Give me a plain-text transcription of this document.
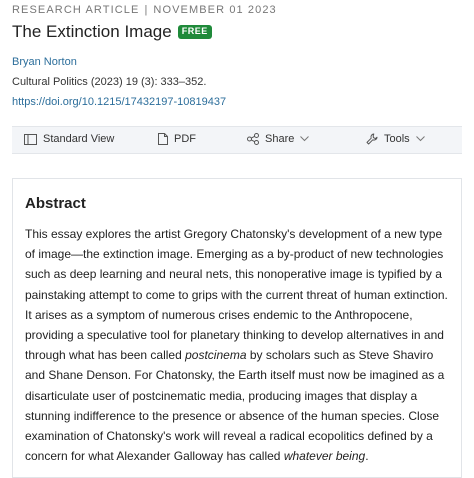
RESEARCH ARTICLE | NOVEMBER 01 2023
The Extinction Image	FREE
Bryan Norton
Cultural Politics (2023) 19 (3): 333–352.
https://doi.org/10.1215/17432197-10819437
Standard View	PDF	Share	Tools
Abstract
This essay explores the artist Gregory Chatonsky's development of a new type of image—the extinction image. Emerging as a by-product of new technologies such as deep learning and neural nets, this nonoperative image is typified by a painstaking attempt to come to grips with the current threat of human extinction. It arises as a symptom of numerous crises endemic to the Anthropocene, providing a speculative tool for planetary thinking to develop alternatives in and through what has been called postcinema by scholars such as Steve Shaviro and Shane Denson. For Chatonsky, the Earth itself must now be imagined as a disarticulate user of postcinematic media, producing images that display a stunning indifference to the presence or absence of the human species. Close examination of Chatonsky's work will reveal a radical ecopolitics defined by a concern for what Alexander Galloway has called whatever being.
